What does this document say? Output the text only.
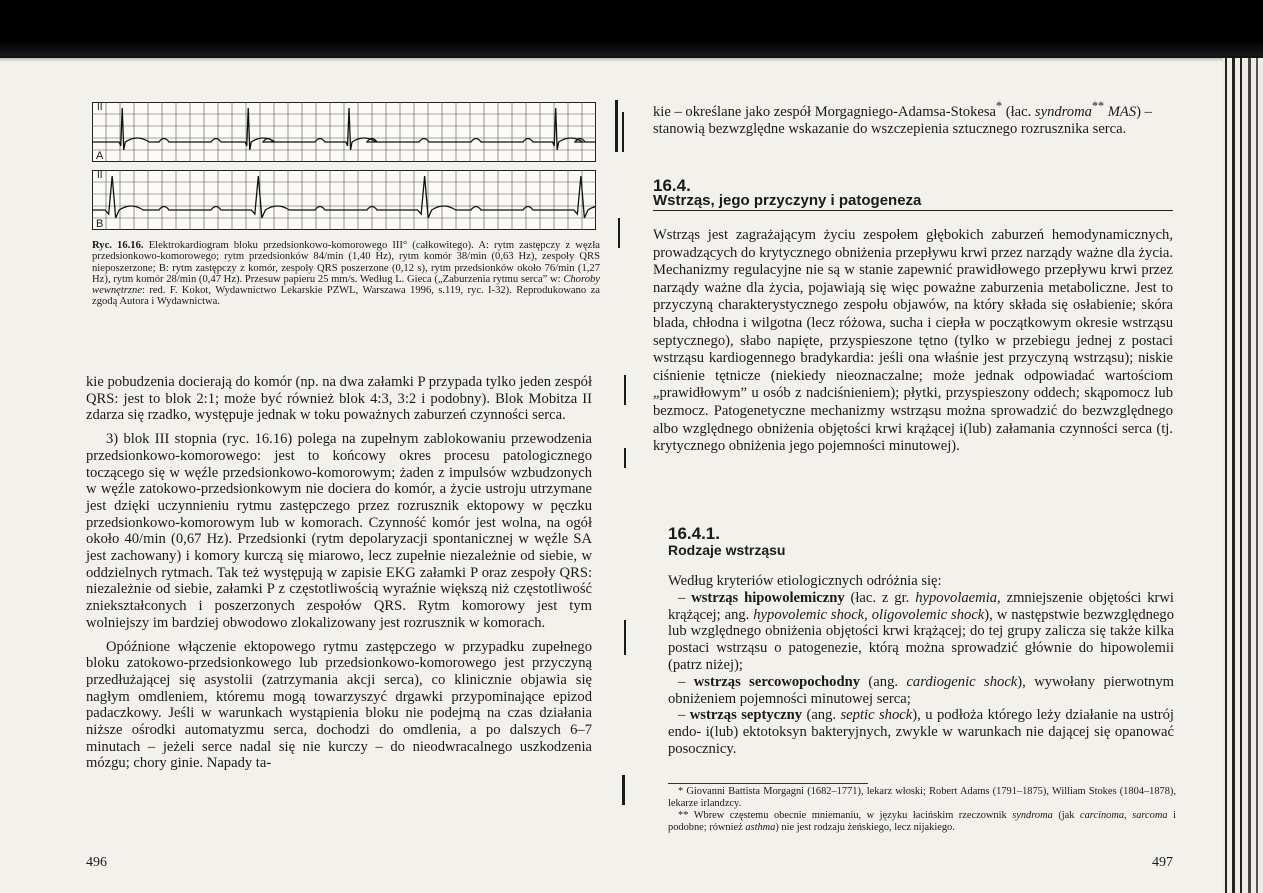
II
A
II
B
Ryc. 16.16. Elektrokardiogram bloku przedsionkowo-komorowego III° (całkowitego). A: rytm zastępczy z węzła przedsionkowo-komorowego; rytm przedsionków 84/min (1,40 Hz), rytm komór 38/min (0,63 Hz), zespoły QRS nieposzerzone; B: rytm zastępczy z komór, zespoły QRS poszerzone (0,12 s), rytm przedsionków około 76/min (1,27 Hz), rytm komór 28/min (0,47 Hz). Przesuw papieru 25 mm/s. Według L. Gieca („Zaburzenia rytmu serca” w: Choroby wewnętrzne: red. F. Kokot, Wydawnictwo Lekarskie PZWL, Warszawa 1996, s.119, ryc. I-32). Reprodukowano za zgodą Autora i Wydawnictwa.

kie pobudzenia docierają do komór (np. na dwa załamki P przypada tylko jeden zespół QRS: jest to blok 2:1; może być również blok 4:3, 3:2 i podobny). Blok Mobitza II zdarza się rzadko, występuje jednak w toku poważnych zaburzeń czynności serca.

3) blok III stopnia (ryc. 16.16) polega na zupełnym zablokowaniu przewodzenia przedsionkowo-komorowego: jest to końcowy okres procesu patologicznego toczącego się w węźle przedsionkowo-komorowym; żaden z impulsów wzbudzonych w węźle zatokowo-przedsionkowym nie dociera do komór, a życie ustroju utrzymane jest dzięki uczynnieniu rytmu zastępczego przez rozrusznik ektopowy w pęczku przedsionkowo-komorowym lub w komorach. Czynność komór jest wolna, na ogół około 40/min (0,67 Hz). Przedsionki (rytm depolaryzacji spontanicznej w węźle SA jest zachowany) i komory kurczą się miarowo, lecz zupełnie niezależnie od siebie, w oddzielnych rytmach. Tak też występują w zapisie EKG załamki P oraz zespoły QRS: niezależnie od siebie, załamki P z częstotliwością wyraźnie większą niż częstotliwość zniekształconych i poszerzonych zespołów QRS. Rytm komorowy jest tym wolniejszy im bardziej obwodowo zlokalizowany jest rozrusznik w komorach.

Opóźnione włączenie ektopowego rytmu zastępczego w przypadku zupełnego bloku zatokowo-przedsionkowego lub przedsionkowo-komorowego jest przyczyną przedłużającej się asystolii (zatrzymania akcji serca), co klinicznie objawia się nagłym omdleniem, któremu mogą towarzyszyć drgawki przypominające epizod padaczkowy. Jeśli w warunkach wystąpienia bloku nie podejmą na czas działania niższe ośrodki automatyzmu serca, dochodzi do omdlenia, a po dalszych 6–7 minutach – jeżeli serce nadal się nie kurczy – do nieodwracalnego uszkodzenia mózgu; chory ginie. Napady ta-

496
kie – określane jako zespół Morgagniego-Adamsa-Stokesa* (łac. syndroma** MAS) – stanowią bezwzględne wskazanie do wszczepienia sztucznego rozrusznika serca.
16.4.
Wstrząs, jego przyczyny i patogeneza
Wstrząs jest zagrażającym życiu zespołem głębokich zaburzeń hemodynamicznych, prowadzących do krytycznego obniżenia przepływu krwi przez narządy ważne dla życia. Mechanizmy regulacyjne nie są w stanie zapewnić prawidłowego przepływu krwi przez narządy ważne dla życia, pojawiają się więc poważne zaburzenia metaboliczne. Jest to przyczyną charakterystycznego zespołu objawów, na który składa się osłabienie; skóra blada, chłodna i wilgotna (lecz różowa, sucha i ciepła w początkowym okresie wstrząsu septycznego), słabo napięte, przyspieszone tętno (tylko w przebiegu jednej z postaci wstrząsu kardiogennego bradykardia: jeśli ona właśnie jest przyczyną wstrząsu); niskie ciśnienie tętnicze (niekiedy nieoznaczalne; może jednak odpowiadać wartościom „prawidłowym” u osób z nadciśnieniem); płytki, przyspieszony oddech; skąpomocz lub bezmocz. Patogenetyczne mechanizmy wstrząsu można sprowadzić do bezwzględnego albo względnego obniżenia objętości krwi krążącej i(lub) załamania czynności serca (tj. krytycznego obniżenia jego pojemności minutowej).
16.4.1.
Rodzaje wstrząsu

Według kryteriów etiologicznych odróżnia się:

– wstrząs hipowolemiczny (łac. z gr. hypovolaemia, zmniejszenie objętości krwi krążącej; ang. hypovolemic shock, oligovolemic shock), w następstwie bezwzględnego lub względnego obniżenia objętości krwi krążącej; do tej grupy zalicza się także kilka postaci wstrząsu o patogenezie, którą można sprowadzić głównie do hipowolemii (patrz niżej);

– wstrząs sercowopochodny (ang. cardiogenic shock), wywołany pierwotnym obniżeniem pojemności minutowej serca;

– wstrząs septyczny (ang. septic shock), u podłoża którego leży działanie na ustrój endo- i(lub) ektotoksyn bakteryjnych, zwykle w warunkach nie dającej się opanować posocznicy.

* Giovanni Battista Morgagni (1682–1771), lekarz włoski; Robert Adams (1791–1875), William Stokes (1804–1878), lekarze irlandzcy.

** Wbrew częstemu obecnie mniemaniu, w języku łacińskim rzeczownik syndroma (jak carcinoma, sarcoma i podobne; również asthma) nie jest rodzaju żeńskiego, lecz nijakiego.

497
